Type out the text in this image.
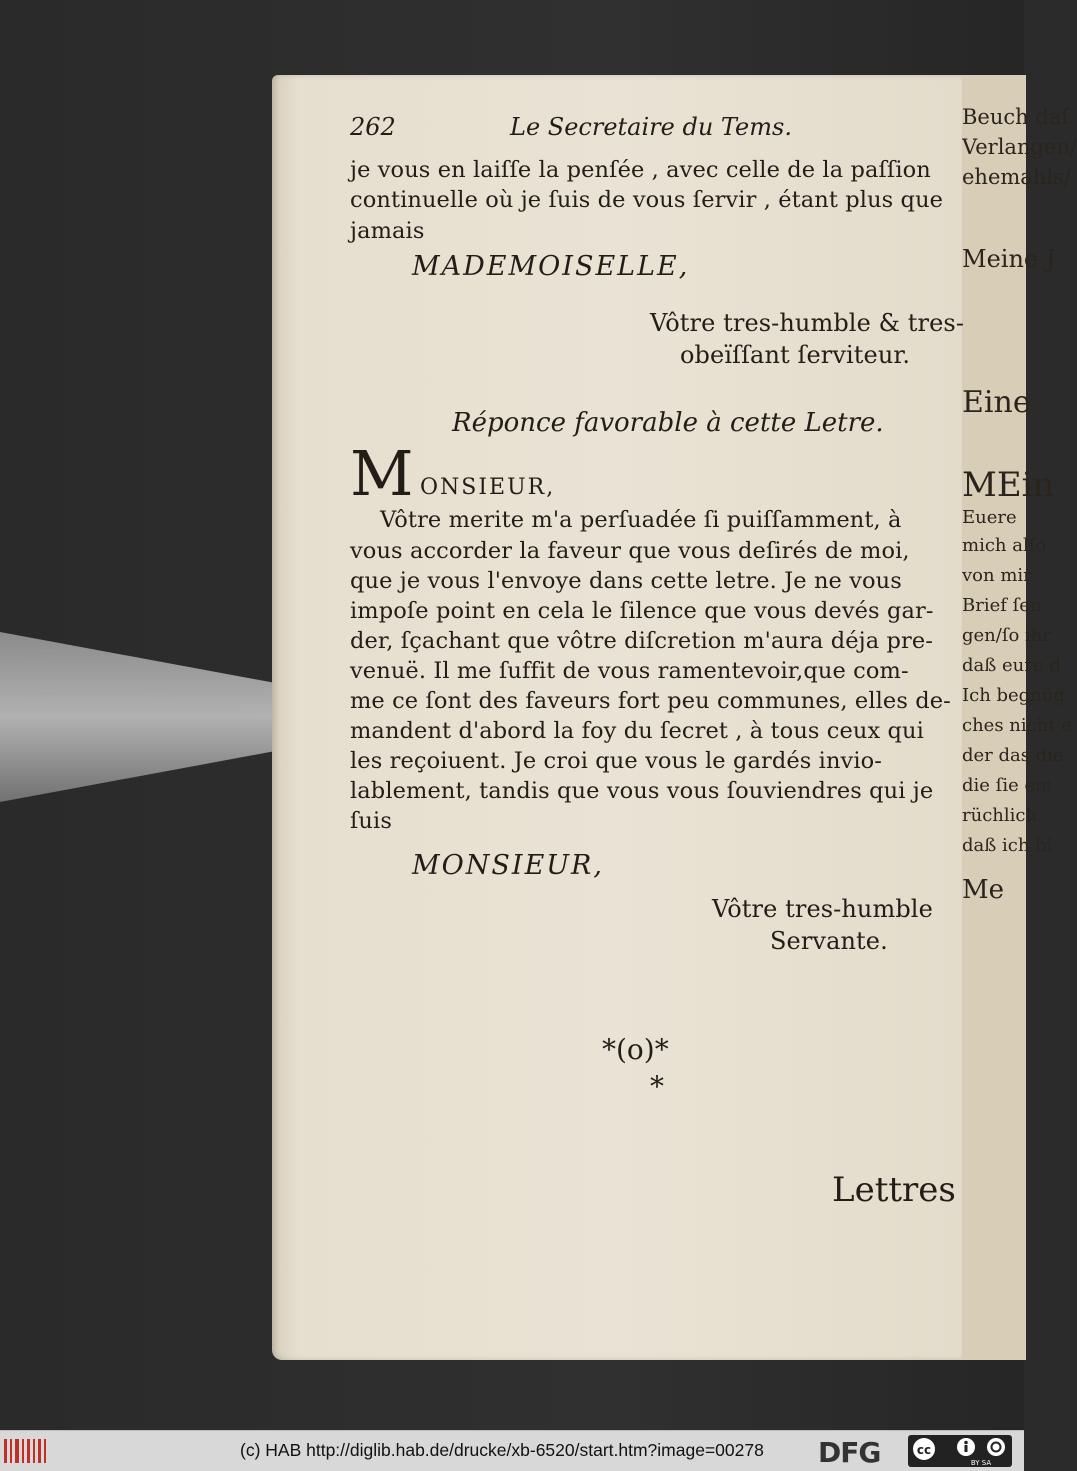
Beuch daſ
Verlangen/
ehemahls/
Meine J
Eine
MEin
Euere
mich alſo
von mir
Brief ſen
gen/ſo ihr
daß eure d
Ich begnüg
ches nicht e
der das die
die ſie em
rüchlich
daß ich bi
Me
262	Le Secretaire du Tems.
je vous en laiſſe la penſée , avec celle de la paſſion
continuelle où je ſuis de vous ſervir , étant plus que
jamais
MADEMOISELLE,
Vôtre tres-humble & tres-
obeïſſant ſerviteur.
Réponce favorable à cette Letre.
M ONSIEUR,
Vôtre merite m'a perſuadée ſi puiſſamment, à
vous accorder la faveur que vous deſirés de moi,
que je vous l'envoye dans cette letre. Je ne vous
impoſe point en cela le ſilence que vous devés gar-
der, ſçachant que vôtre diſcretion m'aura déja pre-
venuë. Il me ſuffit de vous ramentevoir,que com-
me ce ſont des faveurs fort peu communes, elles de-
mandent d'abord la foy du ſecret , à tous ceux qui
les reçoiuent. Je croi que vous le gardés invio-
lablement, tandis que vous vous ſouviendres qui je
ſuis
MONSIEUR,
Vôtre tres-humble
Servante.
*(o)*
*
Lettres
(c) HAB http://diglib.hab.de/drucke/xb-6520/start.htm?image=00278 DFG	cc
BY SA
